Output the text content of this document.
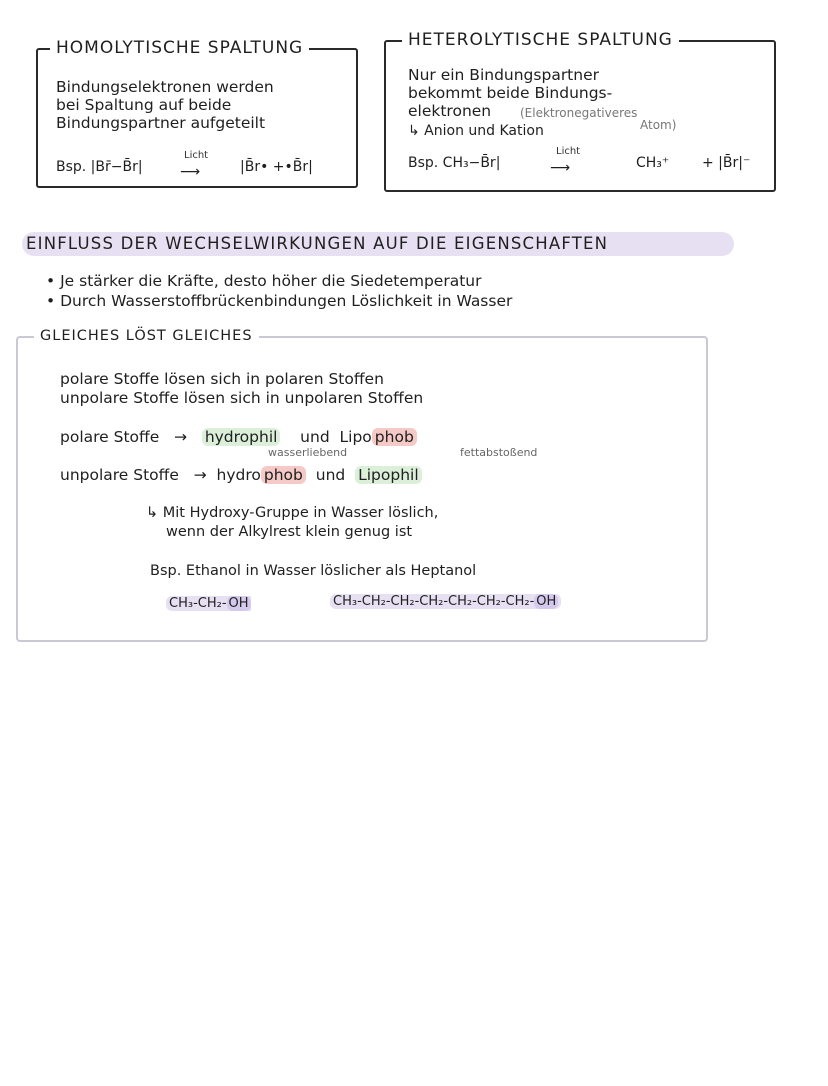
HOMOLYTISCHE SPALTUNG
Bindungselektronen werden
bei Spaltung auf beide
Bindungspartner aufgeteilt
Bsp. |Br̄−B̄r|
Licht
⟶	|B̄r• +•B̄r|
HETEROLYTISCHE SPALTUNG
Nur ein Bindungspartner
bekommt beide Bindungs-
elektronen (Elektronegativeres
Atom)
↳ Anion und Kation
Bsp. CH₃−B̄r|
Licht
⟶	CH₃⁺ + |B̄r|⁻
EINFLUSS DER WECHSELWIRKUNGEN AUF DIE EIGENSCHAFTEN
• Je stärker die Kräfte, desto höher die Siedetemperatur
• Durch Wasserstoffbrückenbindungen Löslichkeit in Wasser
GLEICHES LÖST GLEICHES
polare Stoffe lösen sich in polaren Stoffen
unpolare Stoffe lösen sich in unpolaren Stoffen
polare Stoffe → hydrophil und Lipo phob
wasserliebend	fettabstoßend
unpolare Stoffe → hydro phob und Lipophil
↳ Mit Hydroxy-Gruppe in Wasser löslich,
wenn der Alkylrest klein genug ist
Bsp. Ethanol in Wasser löslicher als Heptanol
CH₃-CH₂- OH	CH₃-CH₂-CH₂-CH₂-CH₂-CH₂-CH₂- OH
